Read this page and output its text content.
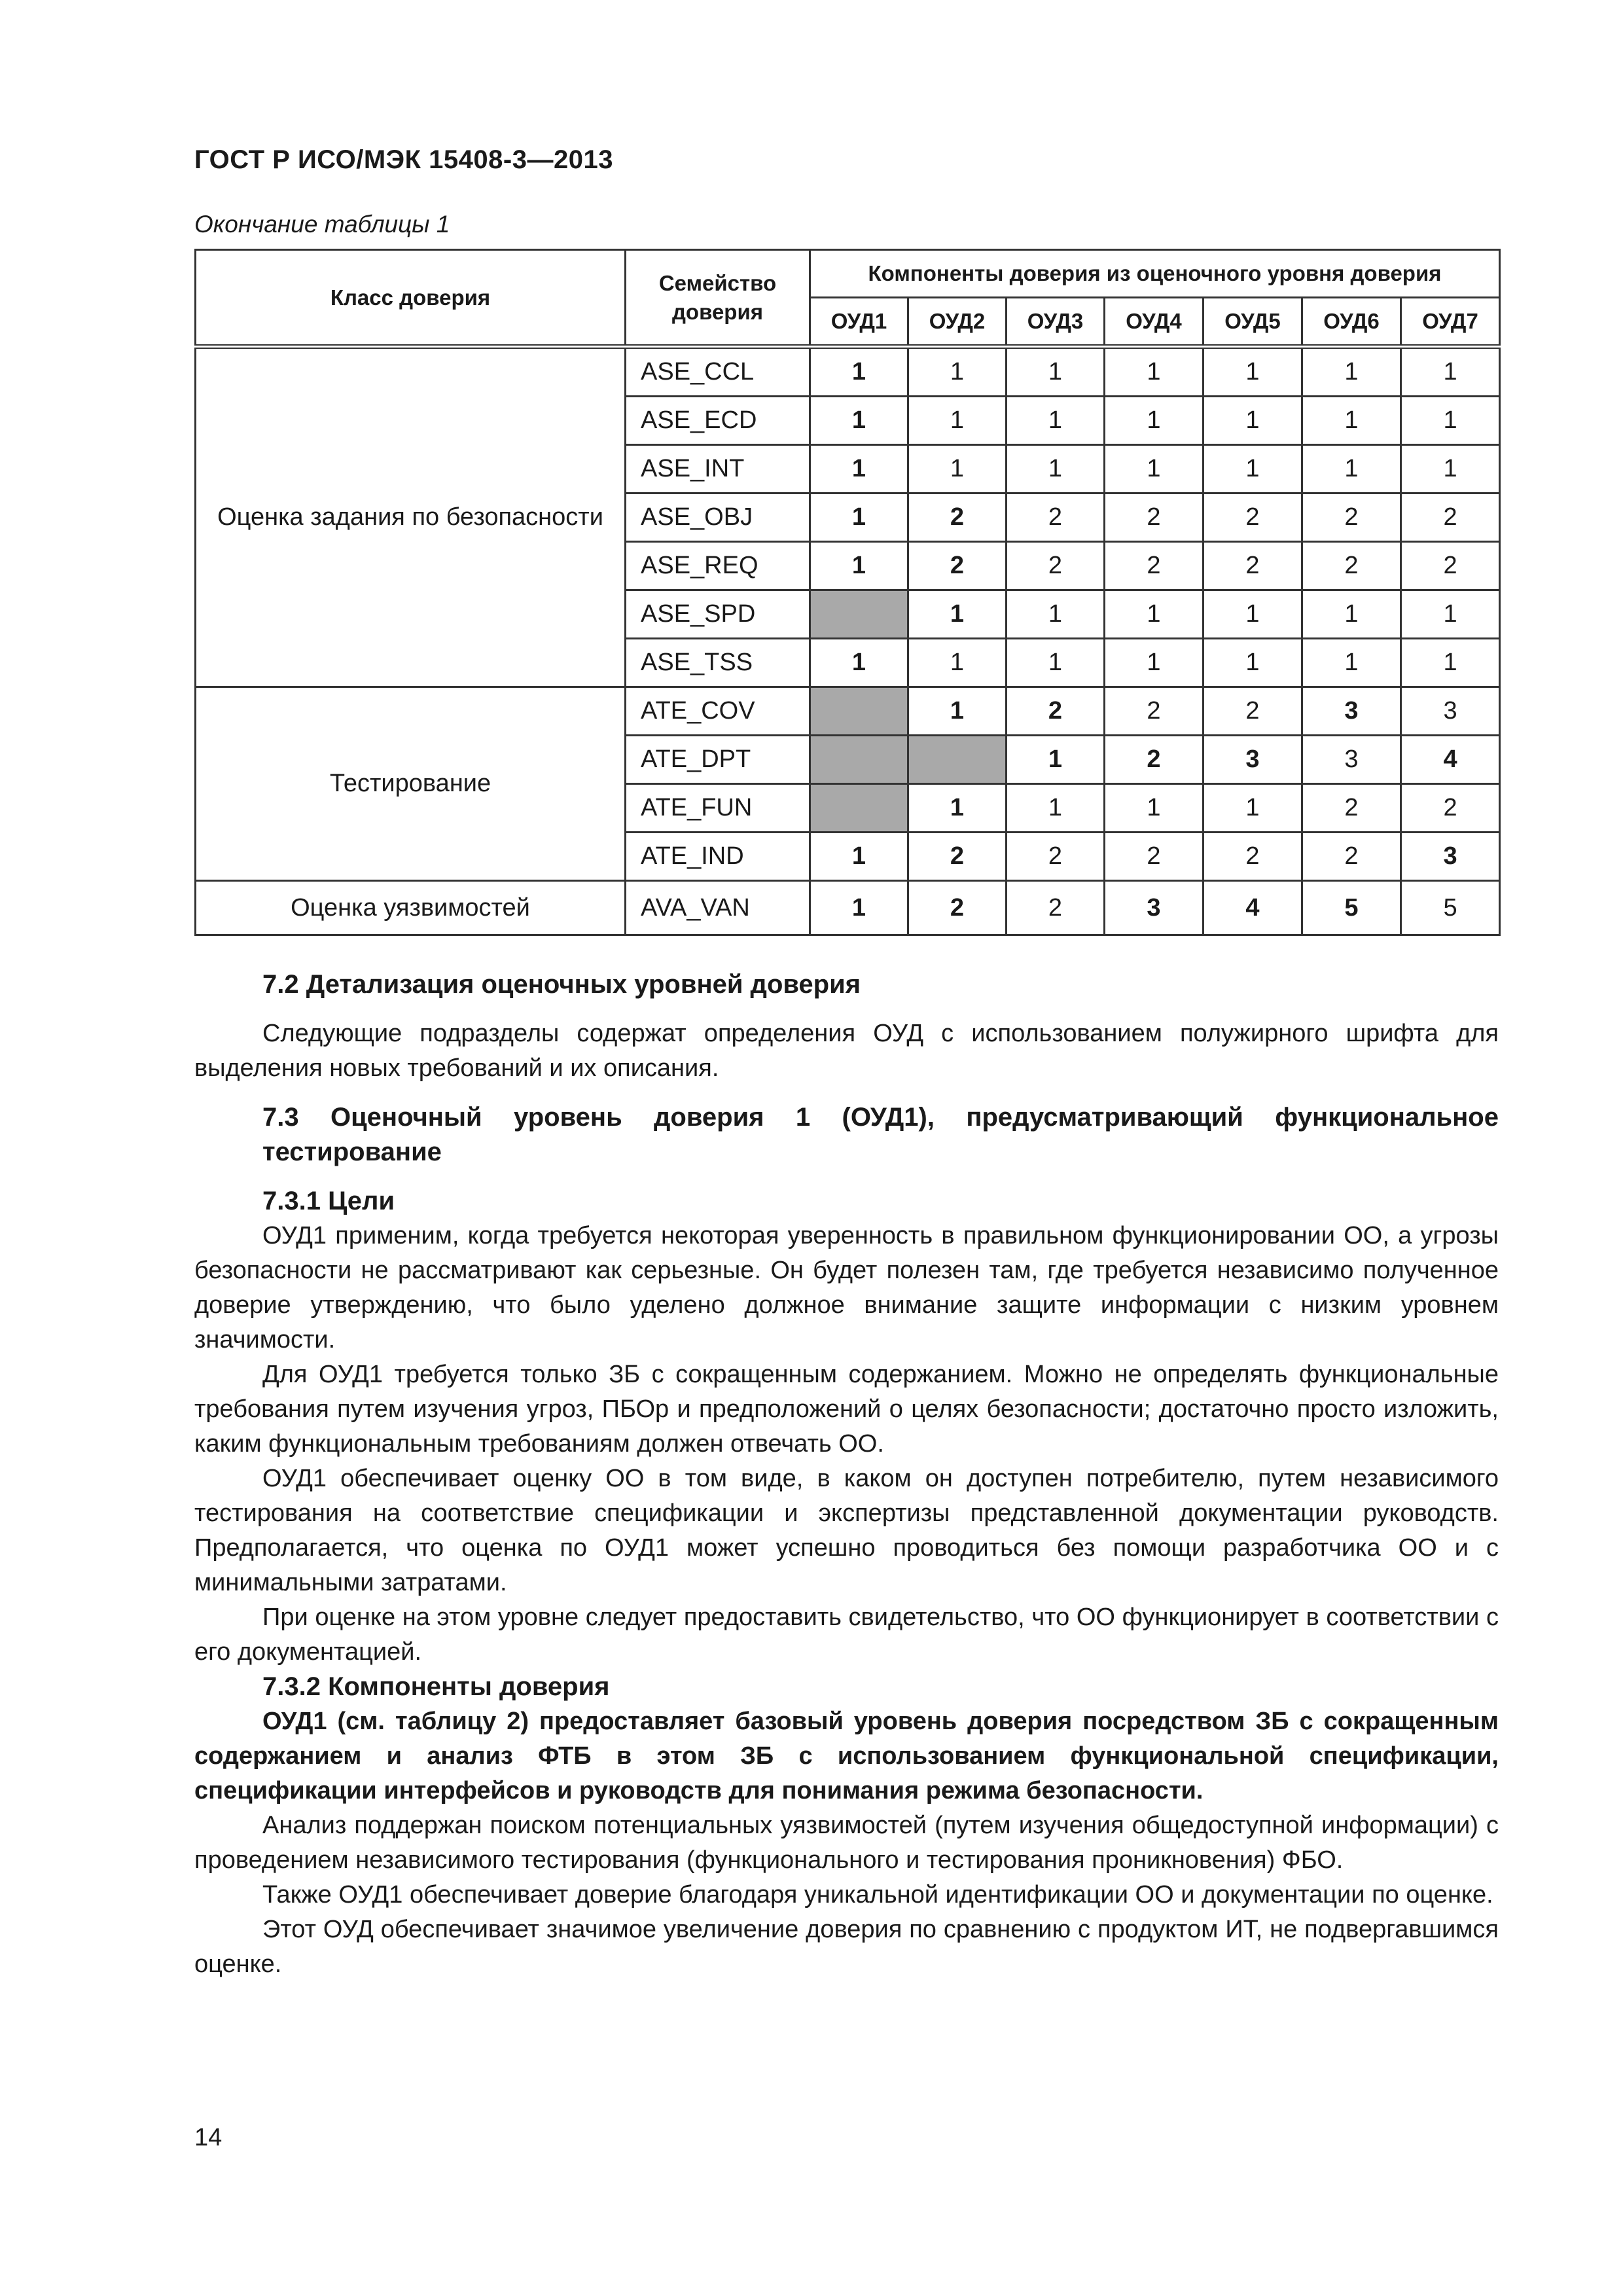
ГОСТ Р ИСО/МЭК 15408-3—2013
Окончание таблицы 1
Класс доверия	Семейство доверия	Компоненты доверия из оценочного уровня доверия						
		ОУД1	ОУД2	ОУД3	ОУД4	ОУД5	ОУД6	ОУД7
Оценка задания по безопасности	ASE_CCL	1	1	1	1	1	1	1
	ASE_ECD	1	1	1	1	1	1	1
	ASE_INT	1	1	1	1	1	1	1
	ASE_OBJ	1	2	2	2	2	2	2
	ASE_REQ	1	2	2	2	2	2	2
	ASE_SPD		1	1	1	1	1	1
	ASE_TSS	1	1	1	1	1	1	1
Тестирование	ATE_COV		1	2	2	2	3	3
	ATE_DPT			1	2	3	3	4
	ATE_FUN		1	1	1	1	2	2
	ATE_IND	1	2	2	2	2	2	3
Оценка уязвимостей	AVA_VAN	1	2	2	3	4	5	5

7.2 Детализация оценочных уровней доверия

Следующие подразделы содержат определения ОУД с использованием полужирного шрифта для выделения новых требований и их описания.

7.3 Оценочный уровень доверия 1 (ОУД1), предусматривающий функциональное тестирование

7.3.1 Цели

ОУД1 применим, когда требуется некоторая уверенность в правильном функционировании ОО, а угрозы безопасности не рассматривают как серьезные. Он будет полезен там, где требуется независимо полученное доверие утверждению, что было уделено должное внимание защите информации с низким уровнем значимости.

Для ОУД1 требуется только ЗБ с сокращенным содержанием. Можно не определять функциональные требования путем изучения угроз, ПБОр и предположений о целях безопасности; достаточно просто изложить, каким функциональным требованиям должен отвечать ОО.

ОУД1 обеспечивает оценку ОО в том виде, в каком он доступен потребителю, путем независимого тестирования на соответствие спецификации и экспертизы представленной документации руководств. Предполагается, что оценка по ОУД1 может успешно проводиться без помощи разработчика ОО и с минимальными затратами.

При оценке на этом уровне следует предоставить свидетельство, что ОО функционирует в соответствии с его документацией.

7.3.2 Компоненты доверия

ОУД1 (см. таблицу 2) предоставляет базовый уровень доверия посредством ЗБ с сокращенным содержанием и анализ ФТБ в этом ЗБ с использованием функциональной спецификации, спецификации интерфейсов и руководств для понимания режима безопасности.

Анализ поддержан поиском потенциальных уязвимостей (путем изучения общедоступной информации) с проведением независимого тестирования (функционального и тестирования проникновения) ФБО.

Также ОУД1 обеспечивает доверие благодаря уникальной идентификации ОО и документации по оценке.

Этот ОУД обеспечивает значимое увеличение доверия по сравнению с продуктом ИТ, не подвергавшимся оценке.

14
